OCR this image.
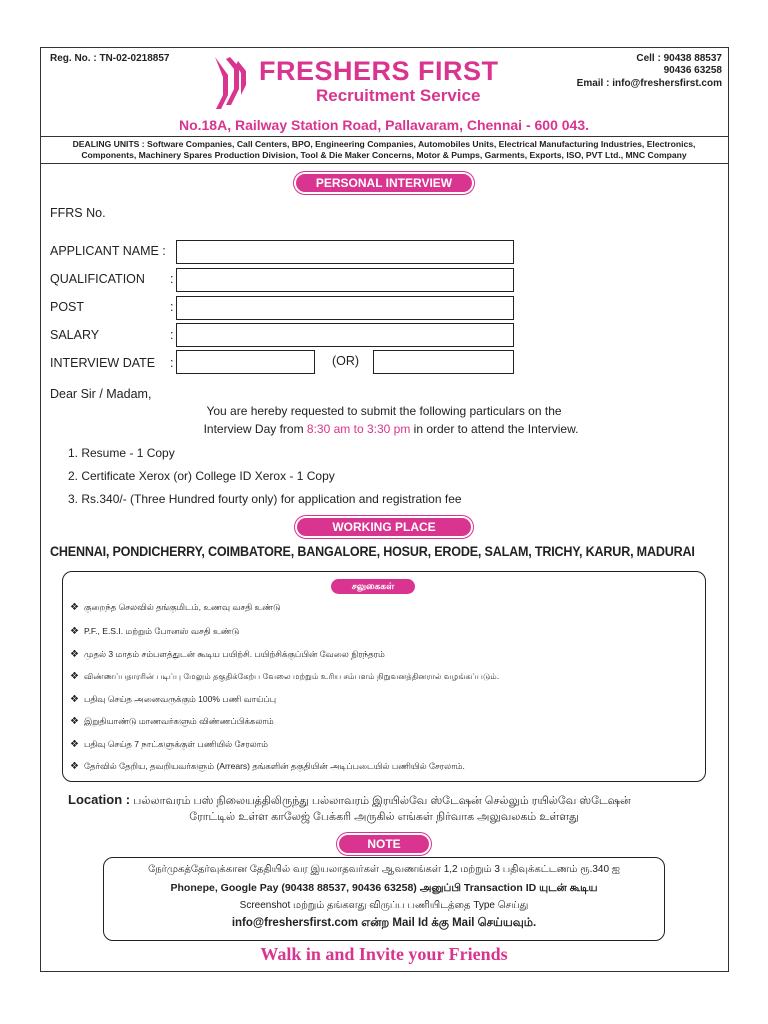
Reg. No. : TN-02-0218857	FRESHERS FIRST
Recruitment Service
Cell : 90438 88537
90436 63258
Email : info@freshersfirst.com
No.18A, Railway Station Road, Pallavaram, Chennai - 600 043.
DEALING UNITS : Software Companies, Call Centers, BPO, Engineering Companies, Automobiles Units, Electrical Manufacturing Industries, Electronics,
Components, Machinery Spares Production Division, Tool & Die Maker Concerns, Motor & Pumps, Garments, Exports, ISO, PVT Ltd., MNC Company
PERSONAL INTERVIEW
FFRS No.
APPLICANT NAME :
QUALIFICATION :
POST	:
SALARY	:
INTERVIEW DATE :	(OR)
Dear Sir / Madam,
You are hereby requested to submit the following particulars on the
Interview Day from 8:30 am to 3:30 pm in order to attend the Interview.
1. Resume - 1 Copy
2. Certificate Xerox (or) College ID Xerox - 1 Copy
3. Rs.340/- (Three Hundred fourty only) for application and registration fee
WORKING PLACE
CHENNAI, PONDICHERRY, COIMBATORE, BANGALORE, HOSUR, ERODE, SALAM, TRICHY, KARUR, MADURAI
சலுகைகள்
❖ குறைந்த செலவில் தங்குமிடம், உணவு வசதி உண்டு
❖ P.F., E.S.I. மற்றும் போனஸ் வசதி உண்டு
❖ முதல் 3 மாதம் சம்பளத்துடன் கூடிய பயிற்சி. பயிற்சிக்குப்பின் வேலை நிரந்தரம்
❖ விண்ணப்பதாரரின் படிப்பு மேலும் தகுதிக்கேற்ப வேலை மற்றும் உரிய சம்பளம் நிறுவனத்தினரால் வழங்கப்படும்.
❖ பதிவு செய்த அனைவருக்கும் 100% பணி வாய்ப்பு
❖ இறுதியாண்டு மாணவர்களும் விண்ணப்பிக்கலாம்
❖ பதிவு செய்த 7 நாட்களுக்குள் பணியில் சேரலாம்
❖ தேர்வில் தேறிய, தவறியவர்களும் (Arrears) தங்களின் தகுதியின் அடிப்படையில் பணியில் சேரலாம்.
Location : பல்லாவரம் பஸ் நிலையத்திலிருந்து பல்லாவரம் இரயில்வே ஸ்டேஷன் செல்லும் ரயில்வே ஸ்டேஷன்
ரோட்டில் உள்ள காலேஜ் பேக்கரி அருகில் எங்கள் நிர்வாக அலுவலகம் உள்ளது
NOTE
நேர்முகத்தேர்வுக்கான தேதியில் வர இயலாதவர்கள் ஆவணங்கள் 1,2 மற்றும் 3 பதிவுக்கட்டணம் ரூ.340 ஐ
Phonepe, Google Pay (90438 88537, 90436 63258) அனுப்பி Transaction ID யுடன் கூடிய
Screenshot மற்றும் தங்களது விருப்ப பணியிடத்தை Type செய்து
info@freshersfirst.com என்ற Mail Id க்கு Mail செய்யவும்.
Walk in and Invite your Friends
